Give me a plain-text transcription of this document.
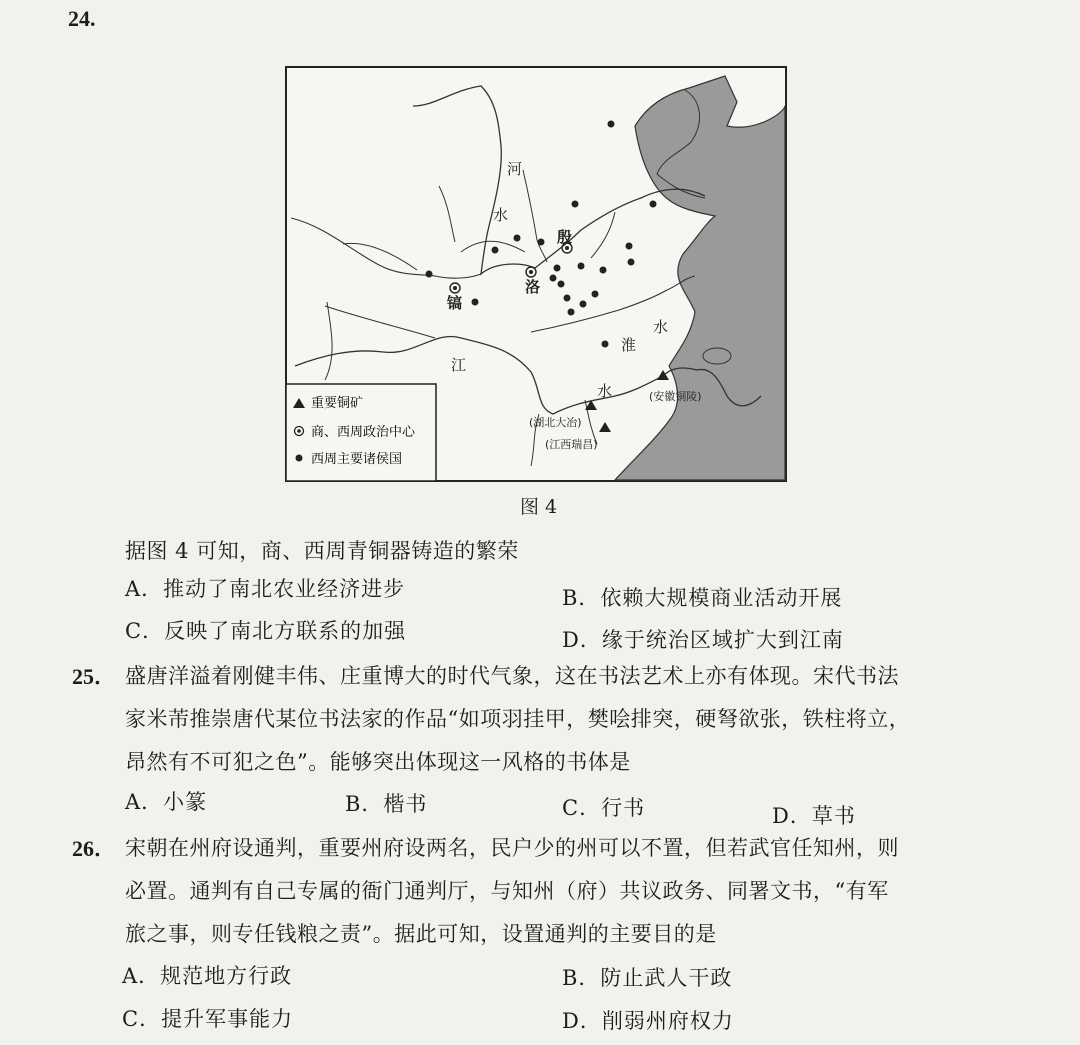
24.
河
水
殷
洛
镐
江
水
淮
水
(安徽铜陵)
(湖北大冶)
(江西瑞昌)
重要铜矿
商、西周政治中心
西周主要诸侯国
图 4
据图 4 可知，商、西周青铜器铸造的繁荣
A．推动了南北农业经济进步	B．依赖大规模商业活动开展
C．反映了南北方联系的加强	D．缘于统治区域扩大到江南
25． 盛唐洋溢着刚健丰伟、庄重博大的时代气象，这在书法艺术上亦有体现。宋代书法
家米芾推崇唐代某位书法家的作品“如项羽挂甲，樊哙排突，硬弩欲张，铁柱将立，
昂然有不可犯之色”。能够突出体现这一风格的书体是
A．小篆	B．楷书	C．行书	D．草书
26． 宋朝在州府设通判，重要州府设两名，民户少的州可以不置，但若武官任知州，则
必置。通判有自己专属的衙门通判厅，与知州（府）共议政务、同署文书，“有军
旅之事，则专任钱粮之责”。据此可知，设置通判的主要目的是
A．规范地方行政	B．防止武人干政
C．提升军事能力	D．削弱州府权力
